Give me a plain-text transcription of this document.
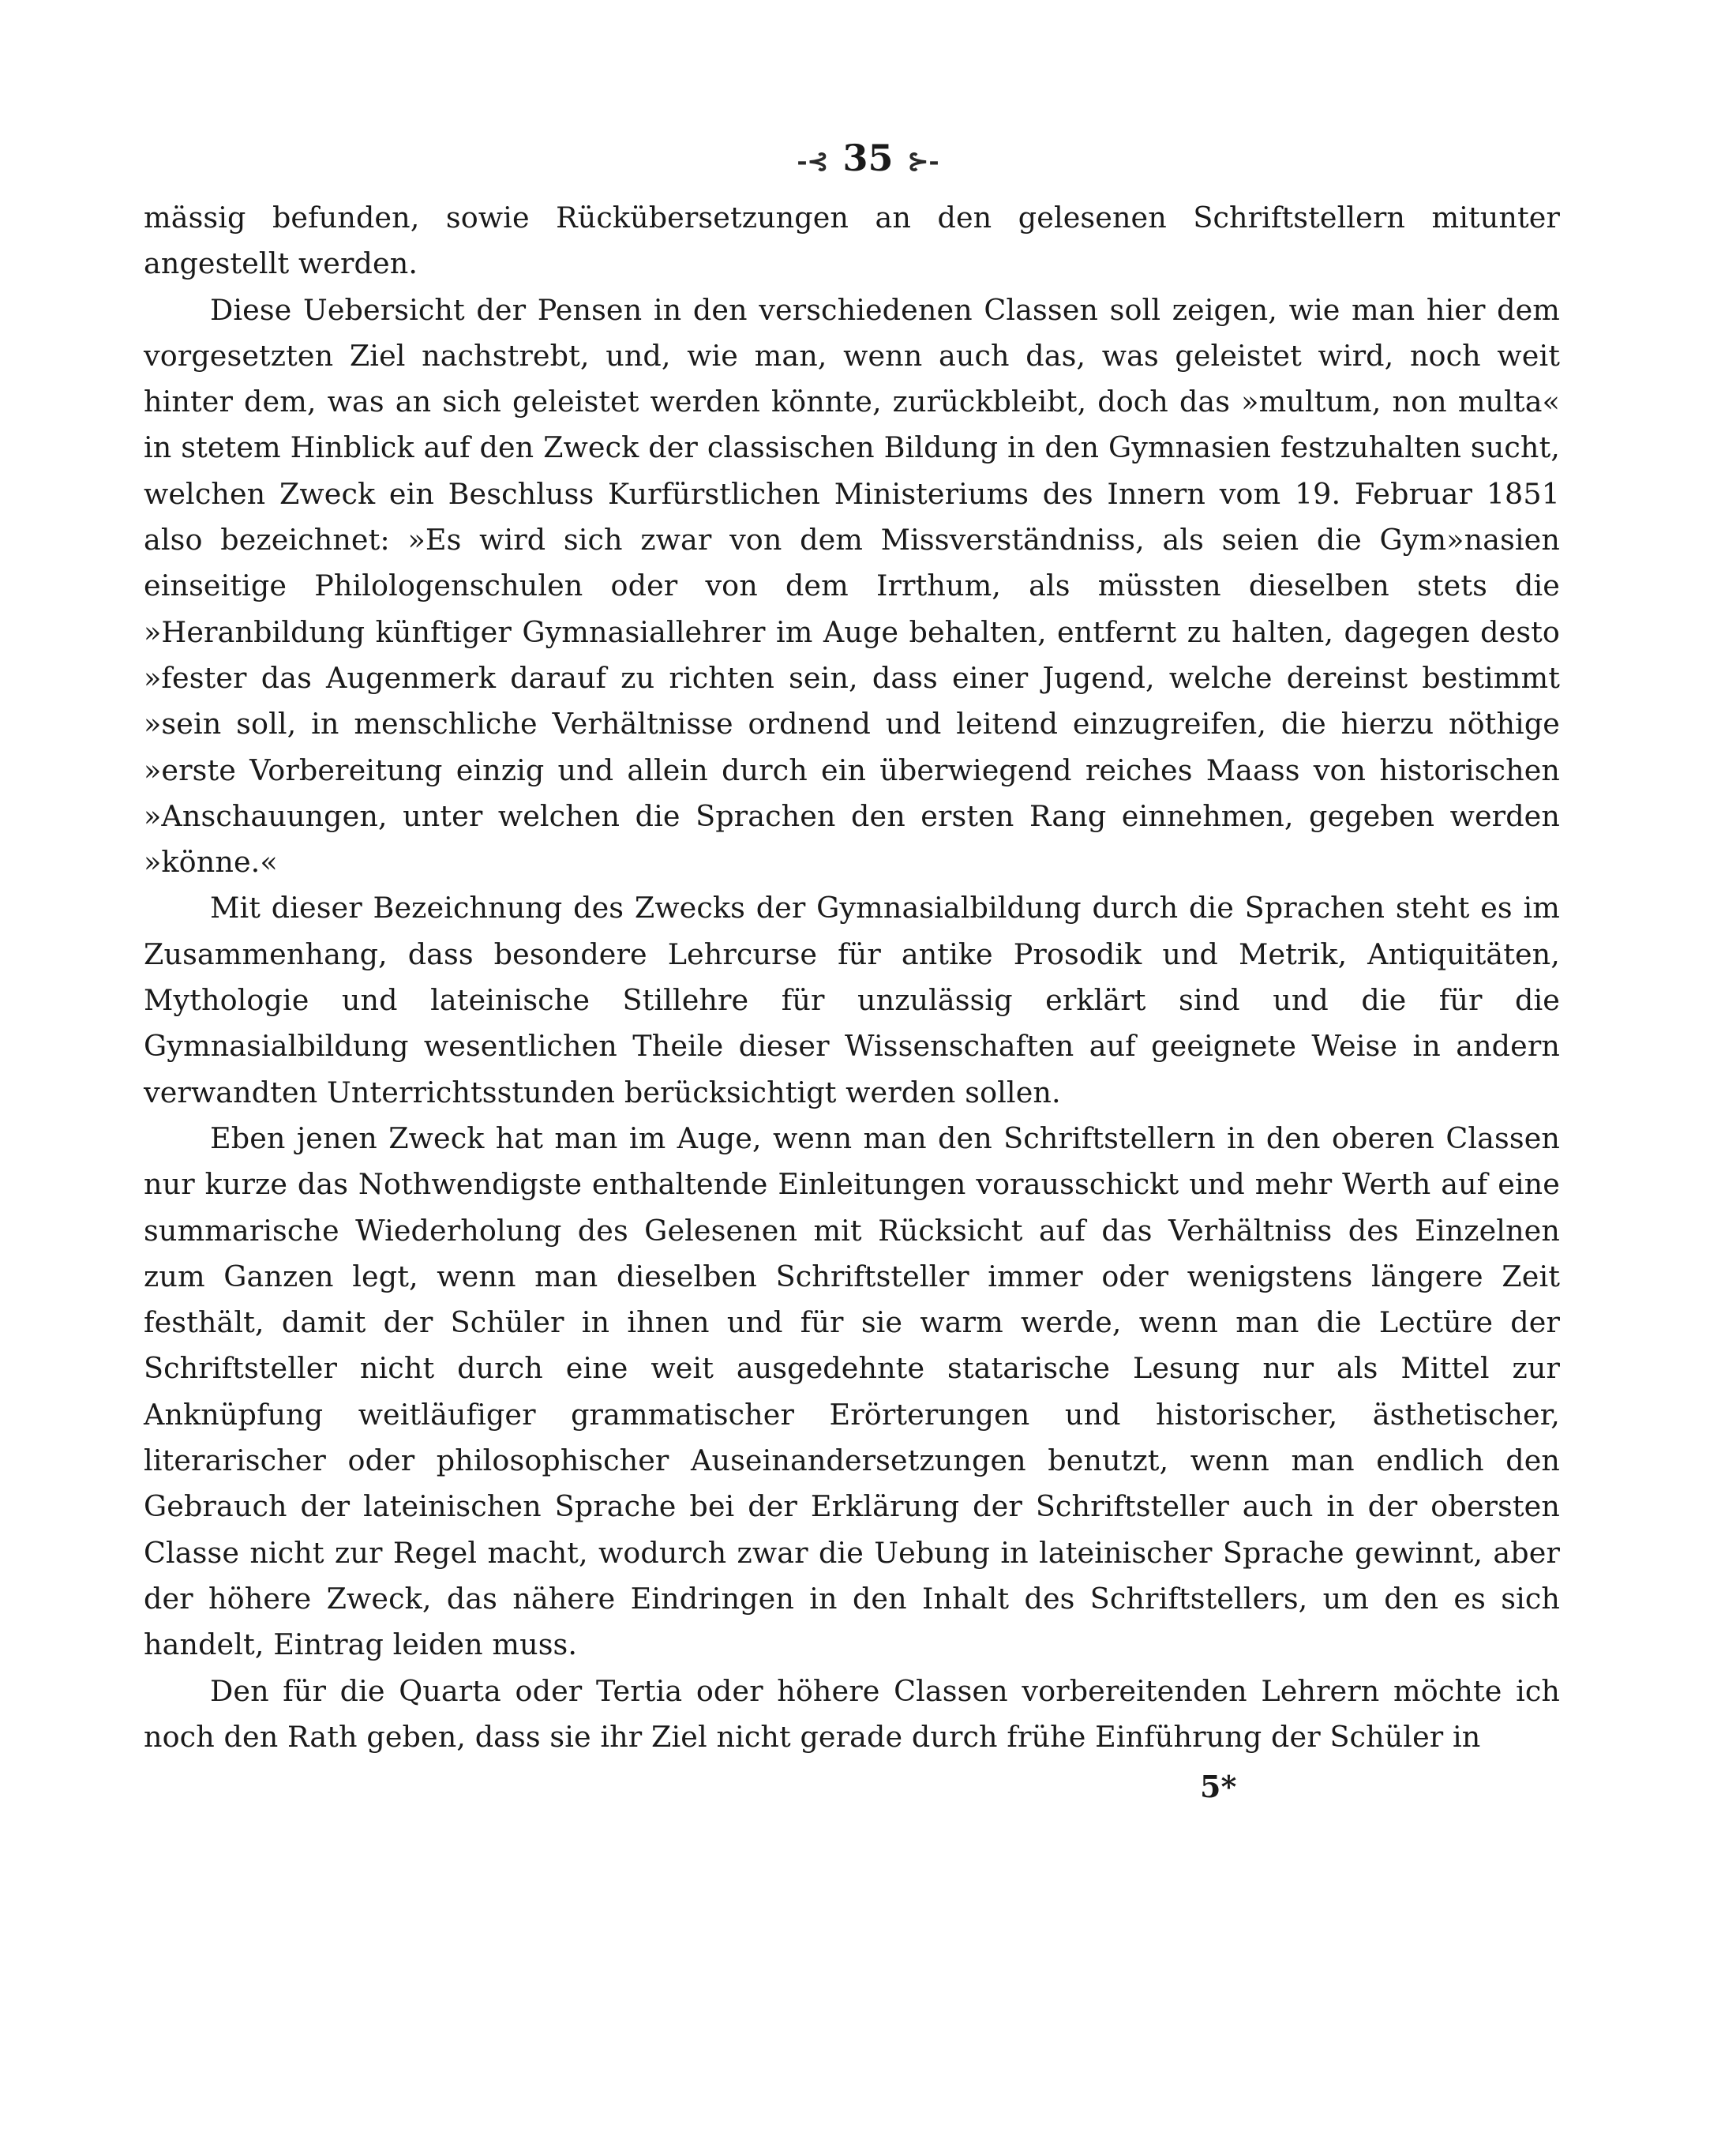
-⊰ 35 ⊱-

mässig befunden, sowie Rückübersetzungen an den gelesenen Schriftstellern mitunter angestellt werden.

Diese Uebersicht der Pensen in den verschiedenen Classen soll zeigen, wie man hier dem vorgesetzten Ziel nachstrebt, und, wie man, wenn auch das, was geleistet wird, noch weit hinter dem, was an sich geleistet werden könnte, zurückbleibt, doch das »multum, non multa« in stetem Hinblick auf den Zweck der classischen Bildung in den Gymnasien festzuhalten sucht, welchen Zweck ein Beschluss Kurfürstlichen Ministeriums des Innern vom 19. Februar 1851 also bezeichnet: »Es wird sich zwar von dem Missverständniss, als seien die Gym»nasien einseitige Philologenschulen oder von dem Irrthum, als müssten dieselben stets die »Heranbildung künftiger Gymnasiallehrer im Auge behalten, entfernt zu halten, dagegen desto »fester das Augenmerk darauf zu richten sein, dass einer Jugend, welche dereinst bestimmt »sein soll, in menschliche Verhältnisse ordnend und leitend einzugreifen, die hierzu nöthige »erste Vorbereitung einzig und allein durch ein überwiegend reiches Maass von historischen »Anschauungen, unter welchen die Sprachen den ersten Rang einnehmen, gegeben werden »könne.«

Mit dieser Bezeichnung des Zwecks der Gymnasialbildung durch die Sprachen steht es im Zusammenhang, dass besondere Lehrcurse für antike Prosodik und Metrik, Antiquitäten, Mythologie und lateinische Stillehre für unzulässig erklärt sind und die für die Gymnasialbildung wesentlichen Theile dieser Wissenschaften auf geeignete Weise in andern verwandten Unterrichtsstunden berücksichtigt werden sollen.

Eben jenen Zweck hat man im Auge, wenn man den Schriftstellern in den oberen Classen nur kurze das Nothwendigste enthaltende Einleitungen vorausschickt und mehr Werth auf eine summarische Wiederholung des Gelesenen mit Rücksicht auf das Verhältniss des Einzelnen zum Ganzen legt, wenn man dieselben Schriftsteller immer oder wenigstens längere Zeit festhält, damit der Schüler in ihnen und für sie warm werde, wenn man die Lectüre der Schriftsteller nicht durch eine weit ausgedehnte statarische Lesung nur als Mittel zur Anknüpfung weitläufiger grammatischer Erörterungen und historischer, ästhetischer, literarischer oder philosophischer Auseinandersetzungen benutzt, wenn man endlich den Gebrauch der lateinischen Sprache bei der Erklärung der Schriftsteller auch in der obersten Classe nicht zur Regel macht, wodurch zwar die Uebung in lateinischer Sprache gewinnt, aber der höhere Zweck, das nähere Eindringen in den Inhalt des Schriftstellers, um den es sich handelt, Eintrag leiden muss.

Den für die Quarta oder Tertia oder höhere Classen vorbereitenden Lehrern möchte ich noch den Rath geben, dass sie ihr Ziel nicht gerade durch frühe Einführung der Schüler in

5*
